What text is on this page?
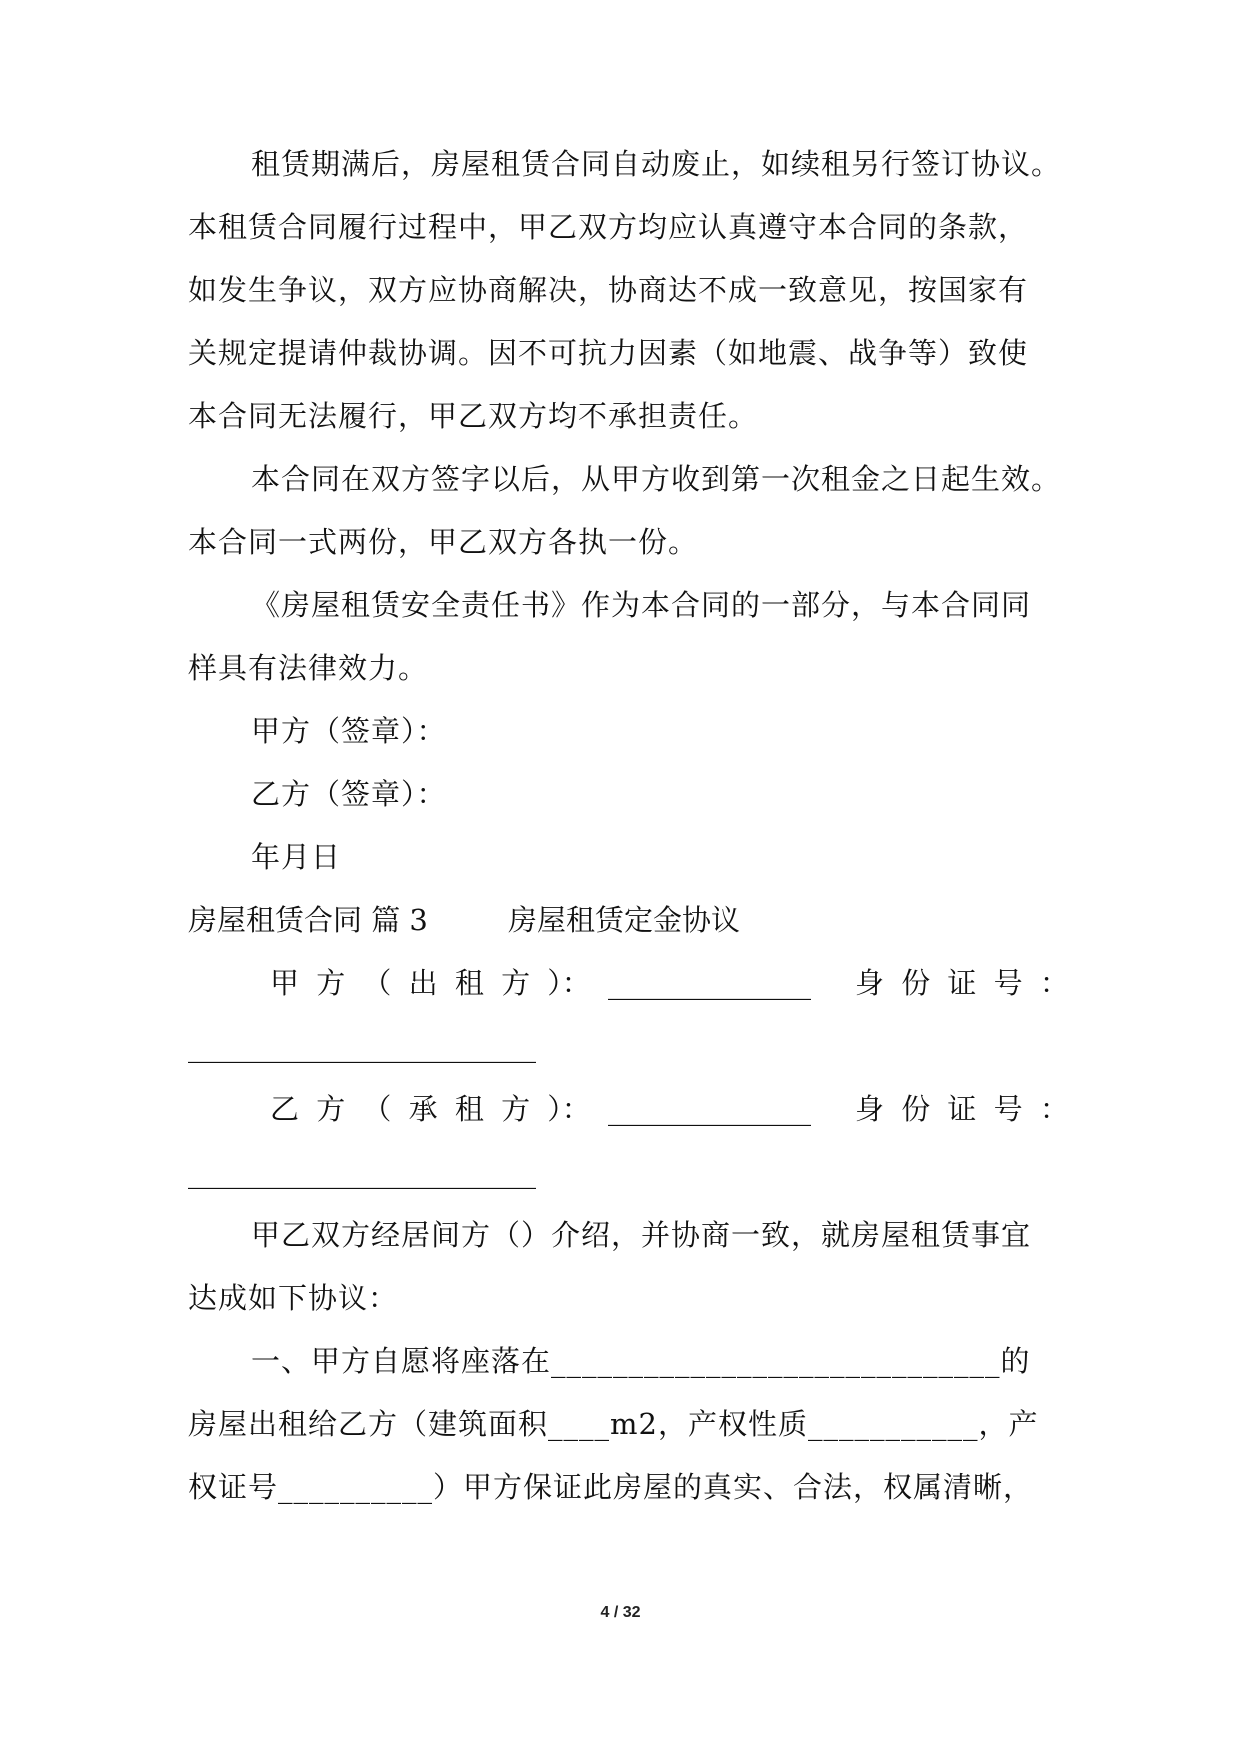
租赁期满后，房屋租赁合同自动废止，如续租另行签订协议。
本租赁合同履行过程中，甲乙双方均应认真遵守本合同的条款，
如发生争议，双方应协商解决，协商达不成一致意见，按国家有
关规定提请仲裁协调。因不可抗力因素（如地震、战争等）致使
本合同无法履行，甲乙双方均不承担责任。
本合同在双方签字以后，从甲方收到第一次租金之日起生效。
本合同一式两份，甲乙双方各执一份。
《房屋租赁安全责任书》作为本合同的一部分，与本合同同
样具有法律效力。
甲方（签章）：
乙方（签章）：
年月日
房屋租赁合同 篇 3	房屋租赁定金协议
甲 方 （ 出 租 方 ）： ______________ 身 份 证 号 ：
________________________
乙 方 （ 承 租 方 ）： ______________ 身 份 证 号 ：
________________________
甲乙双方经居间方（）介绍，并协商一致，就房屋租赁事宜
达成如下协议：
一、甲方自愿将座落在_____________________________的
房屋出租给乙方（建筑面积____m2，产权性质___________，产
权证号__________）甲方保证此房屋的真实、合法，权属清晰，
4 / 32
